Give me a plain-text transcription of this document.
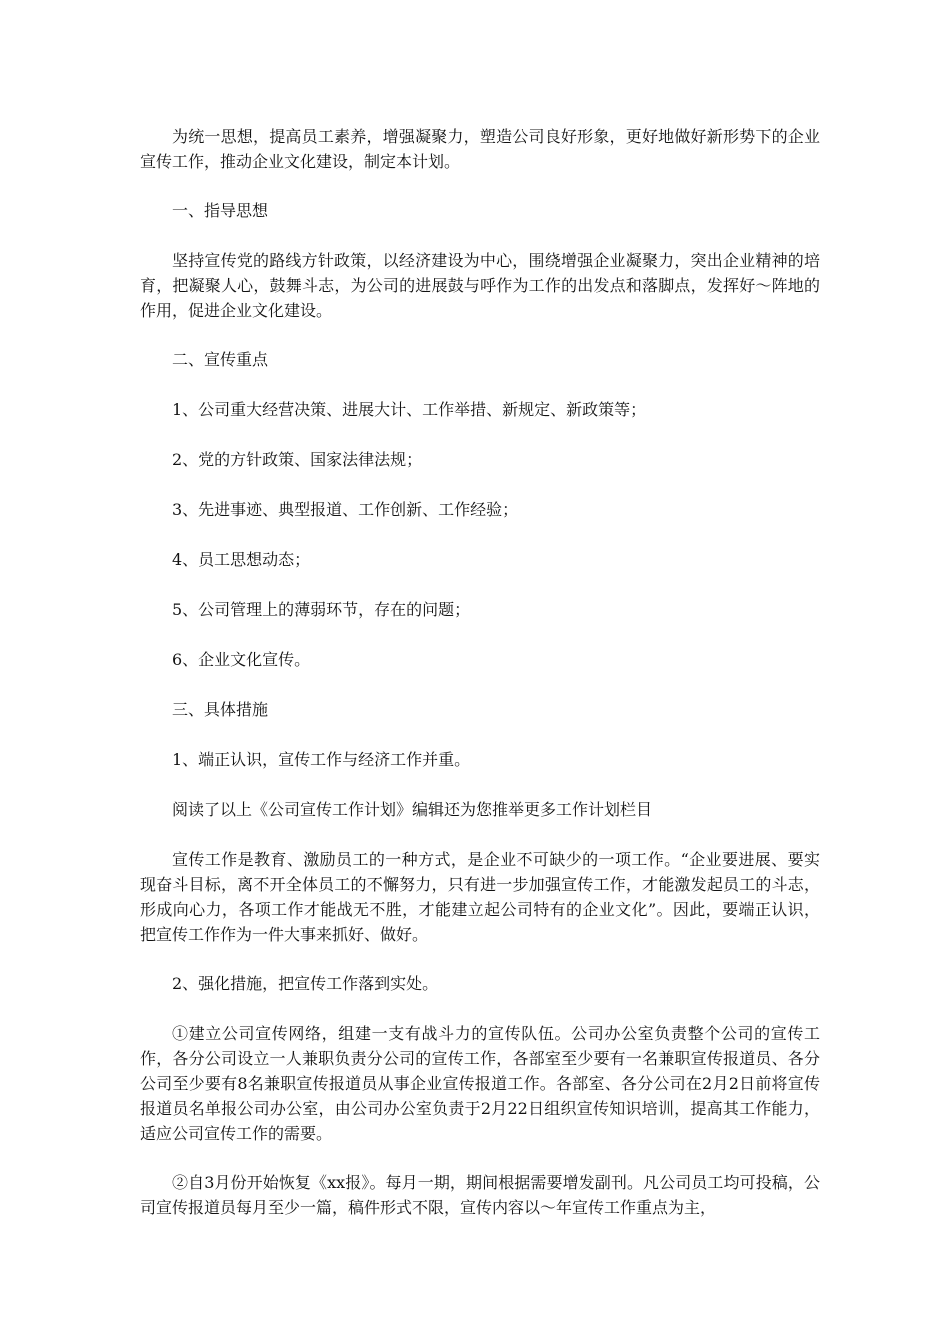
为统一思想，提高员工素养，增强凝聚力，塑造公司良好形象，更好地做好新形势下的企业宣传工作，推动企业文化建设，制定本计划。

一、指导思想

坚持宣传党的路线方针政策，以经济建设为中心，围绕增强企业凝聚力，突出企业精神的培育，把凝聚人心，鼓舞斗志，为公司的进展鼓与呼作为工作的出发点和落脚点，发挥好～阵地的作用，促进企业文化建设。

二、宣传重点

1、公司重大经营决策、进展大计、工作举措、新规定、新政策等；

2、党的方针政策、国家法律法规；

3、先进事迹、典型报道、工作创新、工作经验；

4、员工思想动态；

5、公司管理上的薄弱环节，存在的问题；

6、企业文化宣传。

三、具体措施

1、端正认识，宣传工作与经济工作并重。

阅读了以上《公司宣传工作计划》编辑还为您推举更多工作计划栏目

宣传工作是教育、激励员工的一种方式，是企业不可缺少的一项工作。“企业要进展、要实现奋斗目标，离不开全体员工的不懈努力，只有进一步加强宣传工作，才能激发起员工的斗志，形成向心力，各项工作才能战无不胜，才能建立起公司特有的企业文化”。因此，要端正认识，把宣传工作作为一件大事来抓好、做好。

2、强化措施，把宣传工作落到实处。

①建立公司宣传网络，组建一支有战斗力的宣传队伍。公司办公室负责整个公司的宣传工作，各分公司设立一人兼职负责分公司的宣传工作，各部室至少要有一名兼职宣传报道员、各分公司至少要有8名兼职宣传报道员从事企业宣传报道工作。各部室、各分公司在2月2日前将宣传报道员名单报公司办公室，由公司办公室负责于2月22日组织宣传知识培训，提高其工作能力，适应公司宣传工作的需要。

②自3月份开始恢复《xx报》。每月一期，期间根据需要增发副刊。凡公司员工均可投稿，公司宣传报道员每月至少一篇，稿件形式不限，宣传内容以～年宣传工作重点为主，
